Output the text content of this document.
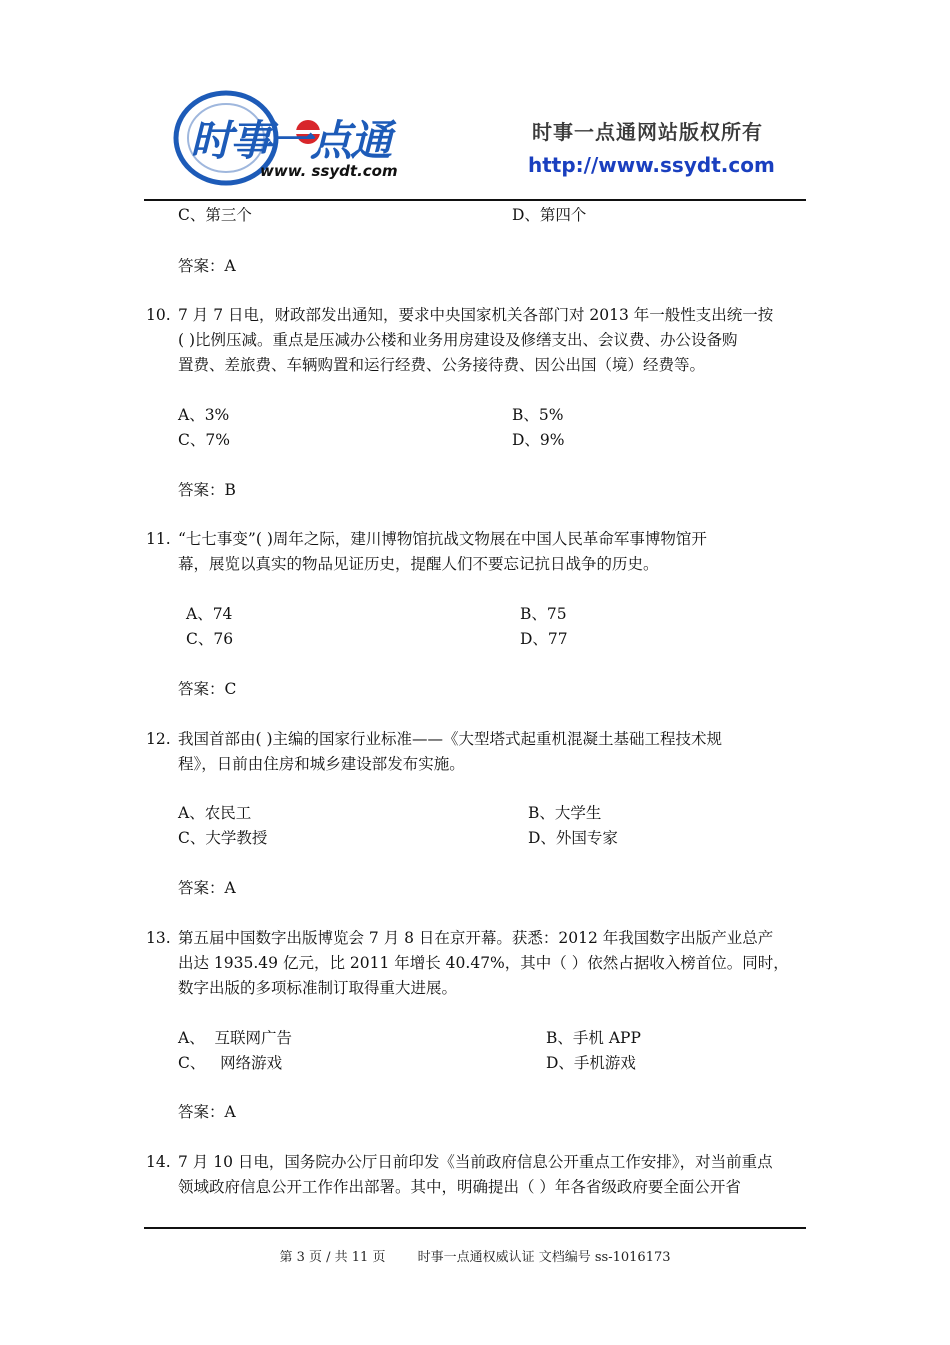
时事一点通
www. ssydt.com
时事一点通网站版权所有
http://www.ssydt.com
C、第三个	D、第四个
答案：A
10. 7 月 7 日电，财政部发出通知，要求中央国家机关各部门对 2013 年一般性支出统一按
( )比例压减。重点是压减办公楼和业务用房建设及修缮支出、会议费、办公设备购
置费、差旅费、车辆购置和运行经费、公务接待费、因公出国（境）经费等。
A、3%	B、5%
C、7%	D、9%
答案：B
11. “七七事变”( )周年之际，建川博物馆抗战文物展在中国人民革命军事博物馆开
幕，展览以真实的物品见证历史，提醒人们不要忘记抗日战争的历史。
A、74	B、75
C、76	D、77
答案：C
12. 我国首部由( )主编的国家行业标准——《大型塔式起重机混凝土基础工程技术规
程》，日前由住房和城乡建设部发布实施。
A、农民工	B、大学生
C、大学教授	D、外国专家
答案：A
13. 第五届中国数字出版博览会 7 月 8 日在京开幕。获悉：2012 年我国数字出版产业总产
出达 1935.49 亿元，比 2011 年增长 40.47%，其中（ ）依然占据收入榜首位。同时，
数字出版的多项标准制订取得重大进展。
A、  互联网广告	B、手机 APP
C、   网络游戏	D、手机游戏
答案：A
14. 7 月 10 日电，国务院办公厅日前印发《当前政府信息公开重点工作安排》，对当前重点
领域政府信息公开工作作出部署。其中，明确提出（ ）年各省级政府要全面公开省
第 3 页 / 共 11 页 时事一点通权威认证 文档编号 ss-1016173
